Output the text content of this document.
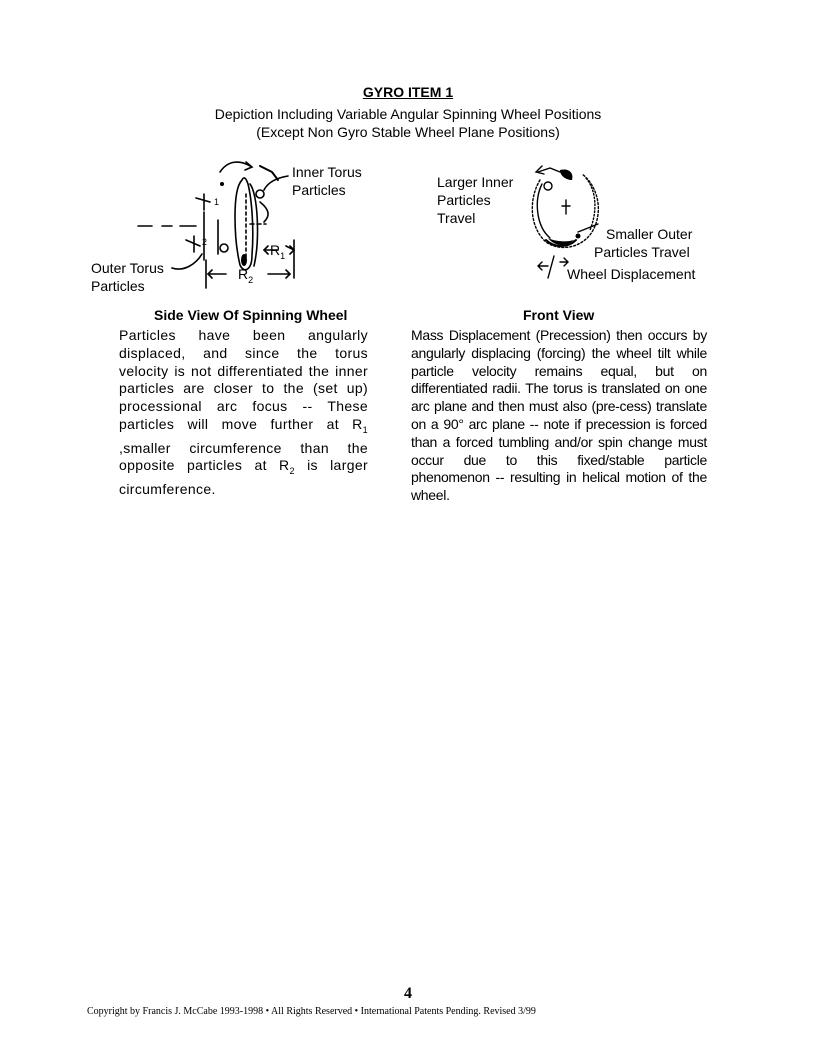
GYRO ITEM 1
Depiction Including Variable Angular Spinning Wheel Positions
(Except Non Gyro Stable Wheel Plane Positions)
Inner Torus
Particles
Outer Torus
Particles
1
2	$R_1$
$R_2$
Larger Inner
Particles
Travel
Smaller Outer
Particles Travel
Wheel Displacement
Side View Of Spinning Wheel	Front View
Particles have been angularly displaced, and since the torus velocity is not differentiated the inner particles are closer to the (set up) processional arc focus -- These particles will move further at $R_1$ ,smaller circumference than the opposite particles at $R_2$ is larger circumference.
Mass Displacement (Precession) then occurs by angularly displacing (forcing) the wheel tilt while particle velocity remains equal, but on differentiated radii. The torus is translated on one arc plane and then must also (pre-cess) translate on a 90° arc plane -- note if precession is forced than a forced tumbling and/or spin change must occur due to this fixed/stable particle phenomenon -- resulting in helical motion of the wheel.
4
Copyright by Francis J. McCabe 1993-1998 • All Rights Reserved • International Patents Pending. Revised 3/99
